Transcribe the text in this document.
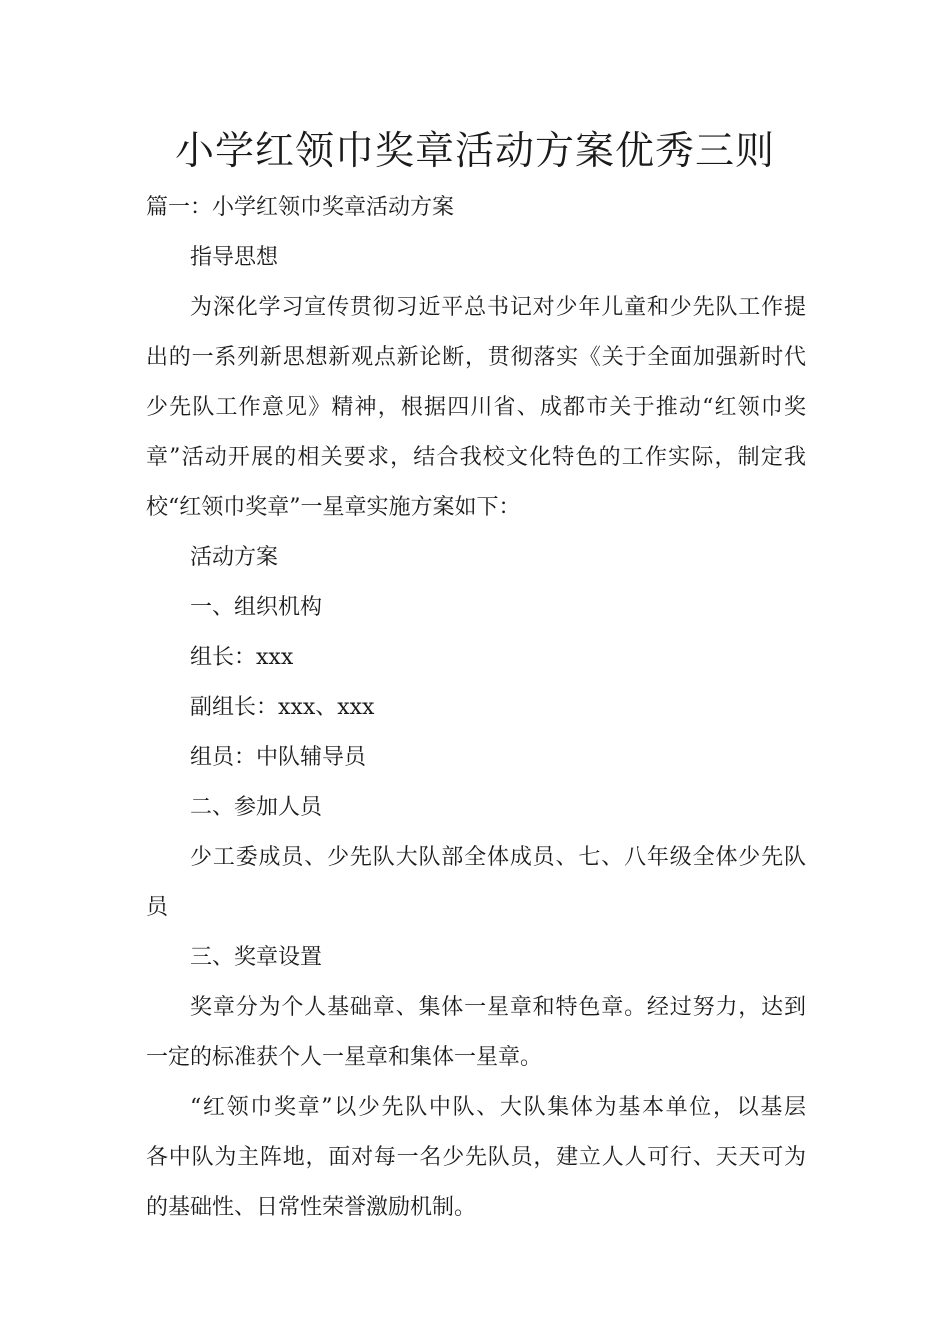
小学红领巾奖章活动方案优秀三则
篇一：小学红领巾奖章活动方案
指导思想
为深化学习宣传贯彻习近平总书记对少年儿童和少先队工作提
出的一系列新思想新观点新论断，贯彻落实《关于全面加强新时代
少先队工作意见》精神，根据四川省、成都市关于推动“红领巾奖
章”活动开展的相关要求，结合我校文化特色的工作实际，制定我
校“红领巾奖章”一星章实施方案如下：
活动方案
一、组织机构
组长：xxx
副组长：xxx、xxx
组员：中队辅导员
二、参加人员
少工委成员、少先队大队部全体成员、七、八年级全体少先队
员
三、奖章设置
奖章分为个人基础章、集体一星章和特色章。经过努力，达到
一定的标准获个人一星章和集体一星章。
“红领巾奖章”以少先队中队、大队集体为基本单位，以基层
各中队为主阵地，面对每一名少先队员，建立人人可行、天天可为
的基础性、日常性荣誉激励机制。
